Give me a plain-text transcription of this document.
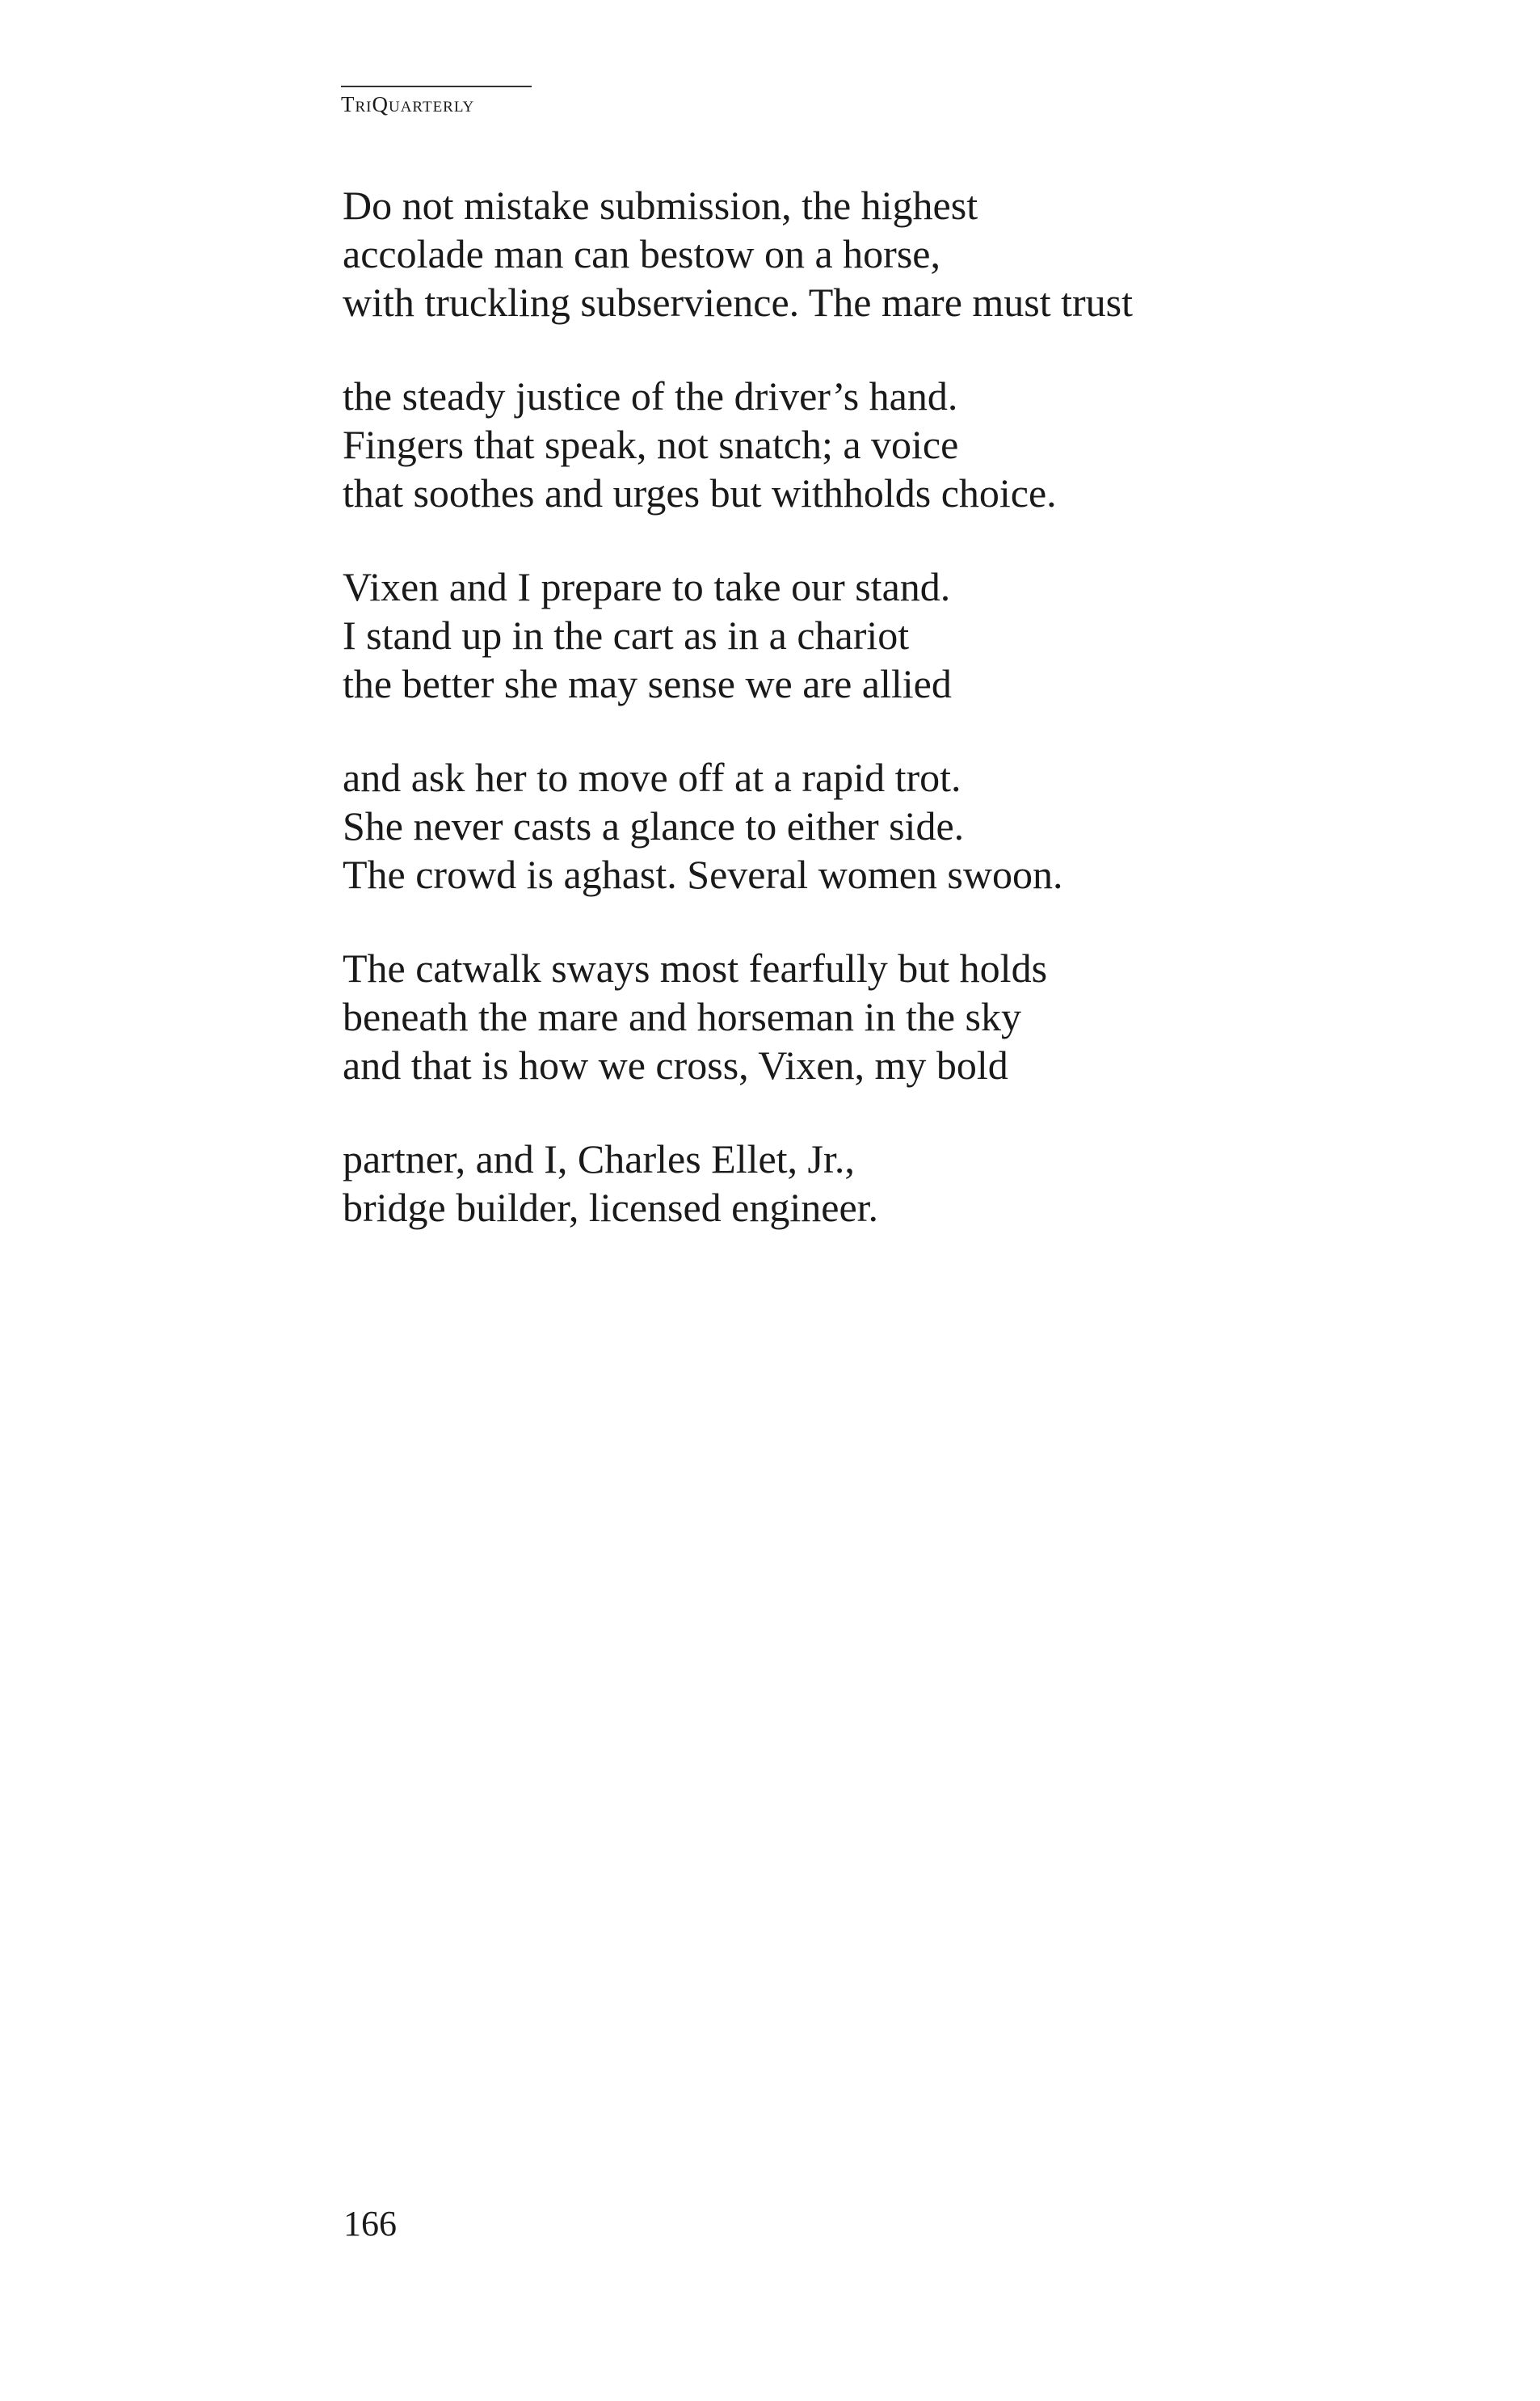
TriQuarterly
Do not mistake submission, the highest
accolade man can bestow on a horse,
with truckling subservience. The mare must trust
the steady justice of the driver’s hand.
Fingers that speak, not snatch; a voice
that soothes and urges but withholds choice.
Vixen and I prepare to take our stand.
I stand up in the cart as in a chariot
the better she may sense we are allied
and ask her to move off at a rapid trot.
She never casts a glance to either side.
The crowd is aghast. Several women swoon.
The catwalk sways most fearfully but holds
beneath the mare and horseman in the sky
and that is how we cross, Vixen, my bold
partner, and I, Charles Ellet, Jr.,
bridge builder, licensed engineer.
166
